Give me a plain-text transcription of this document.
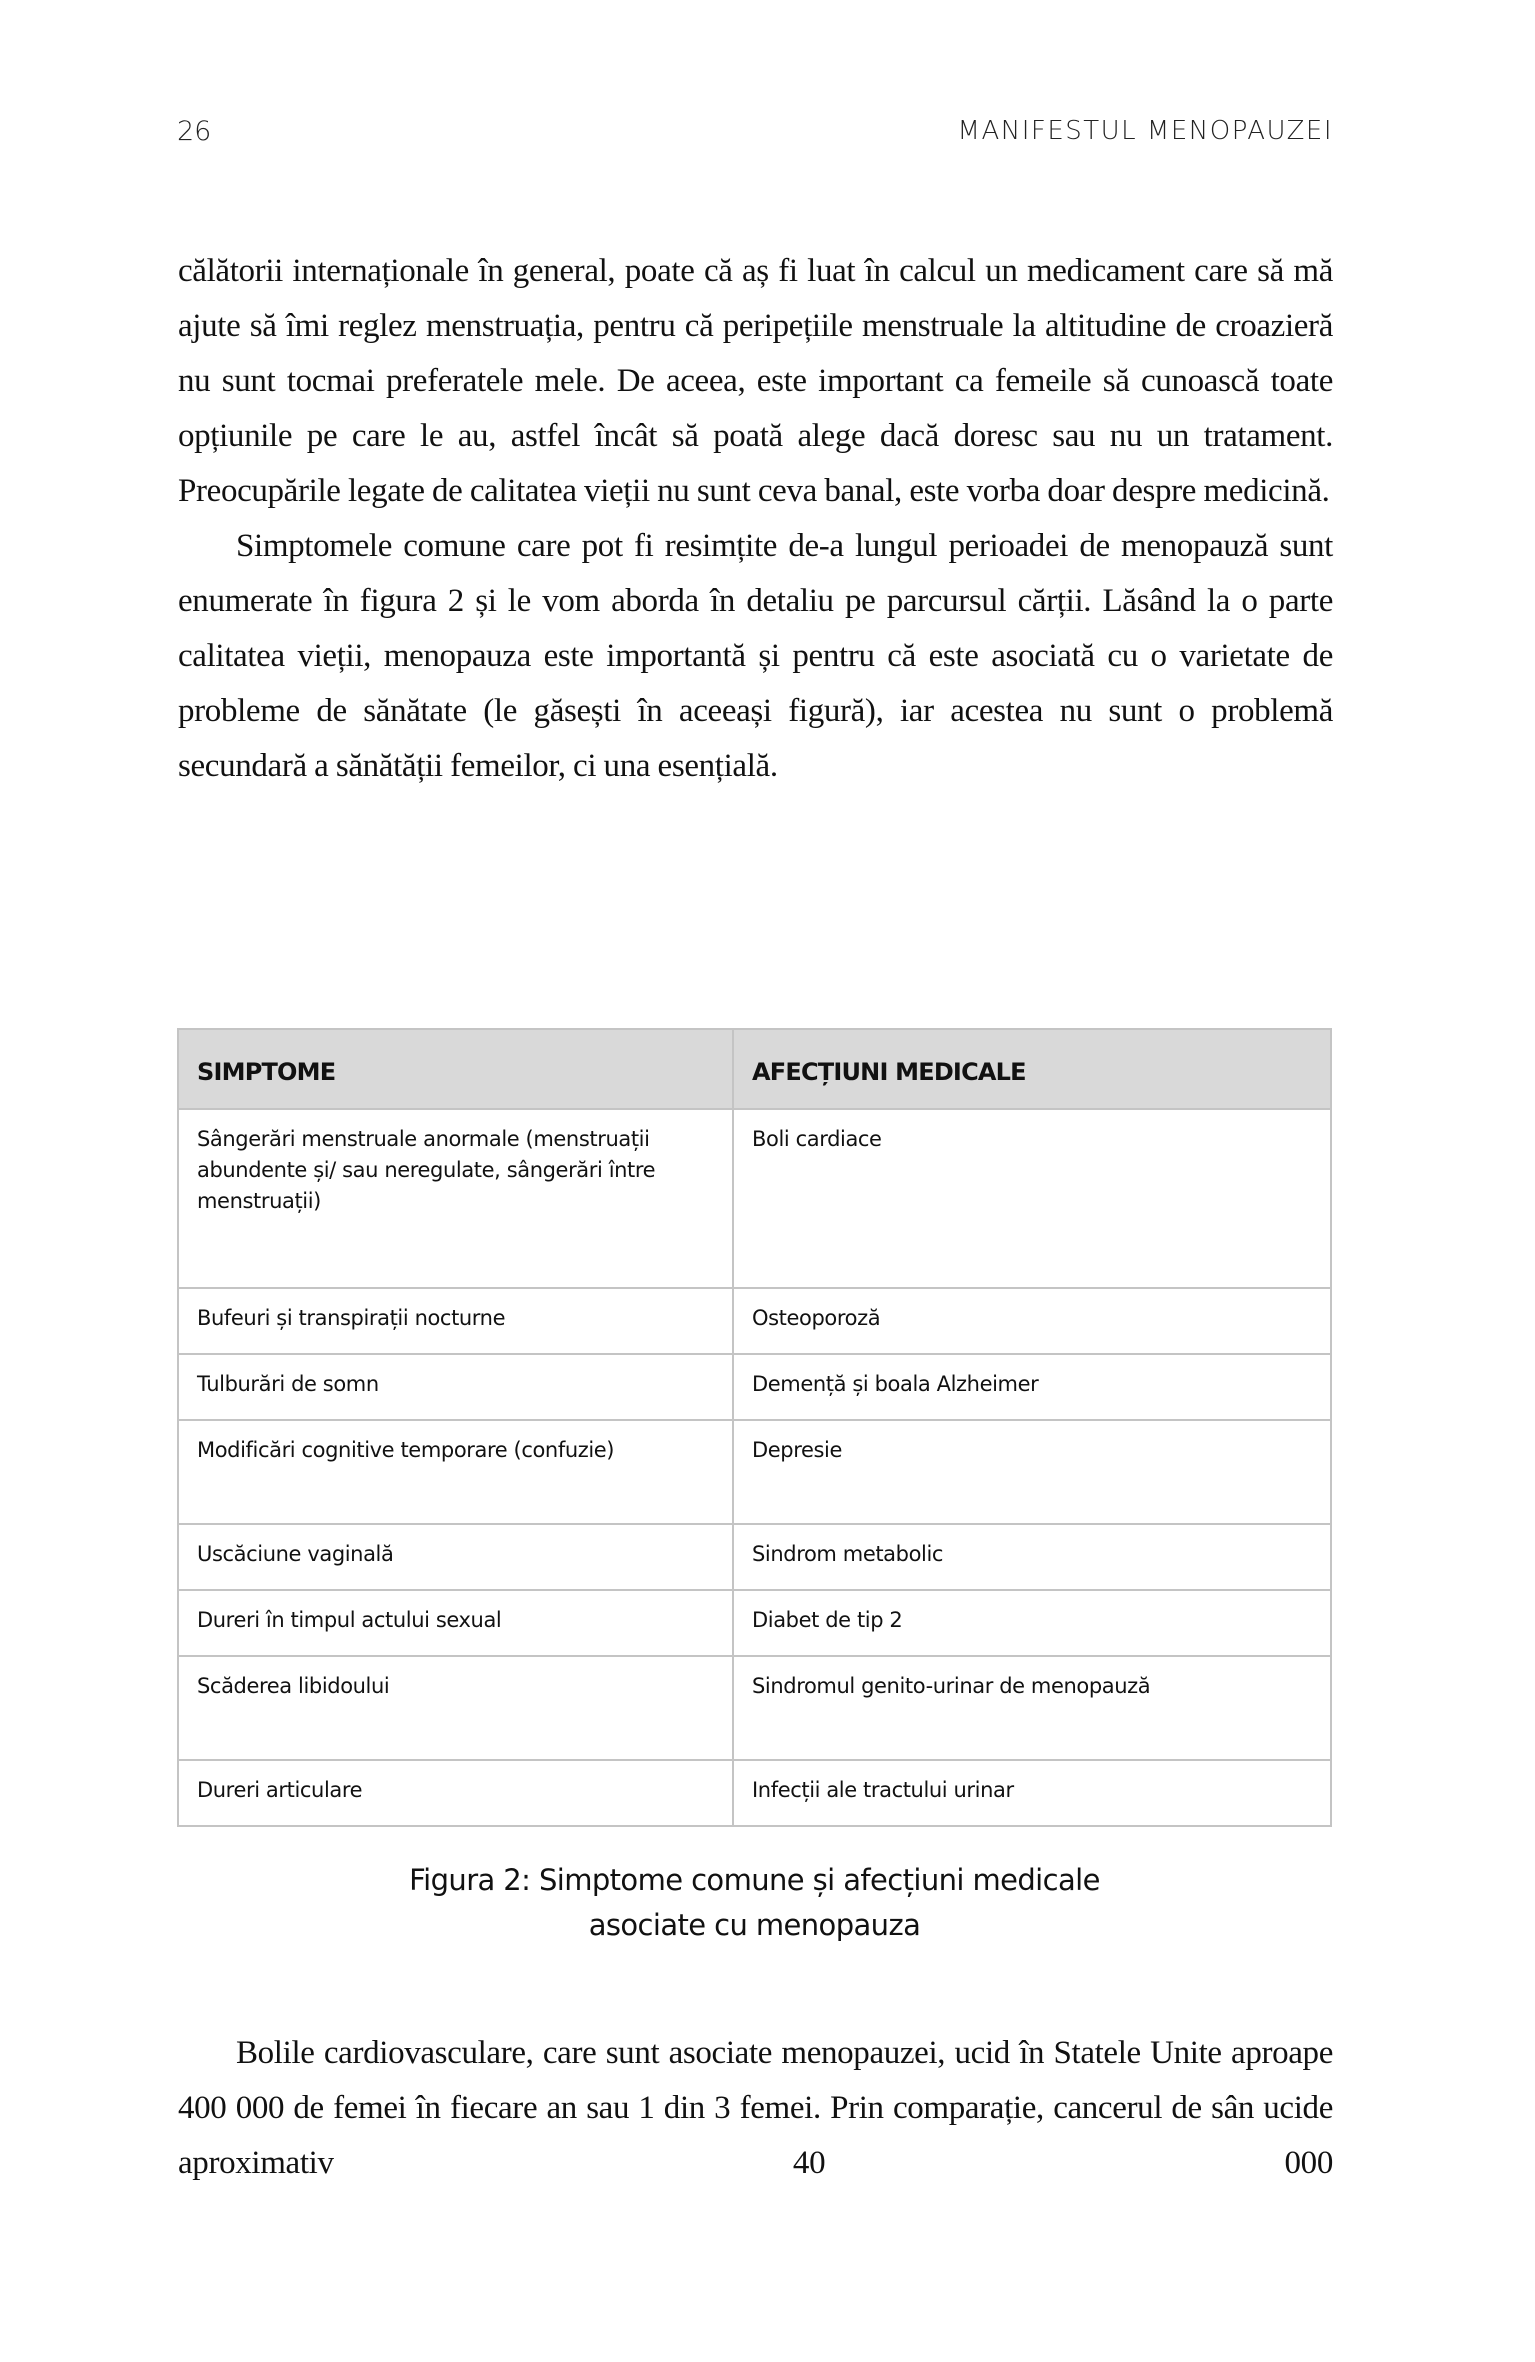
26	MANIFESTUL MENOPAUZEI

călătorii internaționale în general, poate că aș fi luat în calcul un medicament care să mă ajute să îmi reglez menstruația, pentru că peripețiile menstruale la altitudine de croazieră nu sunt tocmai preferatele mele. De aceea, este important ca femeile să cunoască toate opțiunile pe care le au, astfel încât să poată alege dacă doresc sau nu un tratament. Preocupările legate de calitatea vieții nu sunt ceva banal, este vorba doar despre medicină.

Simptomele comune care pot fi resimțite de-a lungul perioadei de menopauză sunt enumerate în figura 2 și le vom aborda în detaliu pe parcursul cărții. Lăsând la o parte calitatea vieții, menopauza este importantă și pentru că este asociată cu o varietate de probleme de sănătate (le găsești în aceeași figură), iar acestea nu sunt o problemă secundară a sănătății femeilor, ci una esențială.

SIMPTOME	AFECȚIUNI MEDICALE
Sângerări menstruale anormale (menstruații abundente și/ sau neregulate, sângerări între menstruații)	Boli cardiace
Bufeuri și transpirații nocturne	Osteoporoză
Tulburări de somn	Demență și boala Alzheimer
Modificări cognitive temporare (confuzie)	Depresie
Uscăciune vaginală	Sindrom metabolic
Dureri în timpul actului sexual	Diabet de tip 2
Scăderea libidoului	Sindromul genito-urinar de menopauză
Dureri articulare	Infecții ale tractului urinar
Figura 2: Simptome comune și afecțiuni medicale
asociate cu menopauza

Bolile cardiovasculare, care sunt asociate menopauzei, ucid în Statele Unite aproape 400 000 de femei în fiecare an sau 1 din 3 femei. Prin comparație, cancerul de sân ucide aproximativ 40 000
